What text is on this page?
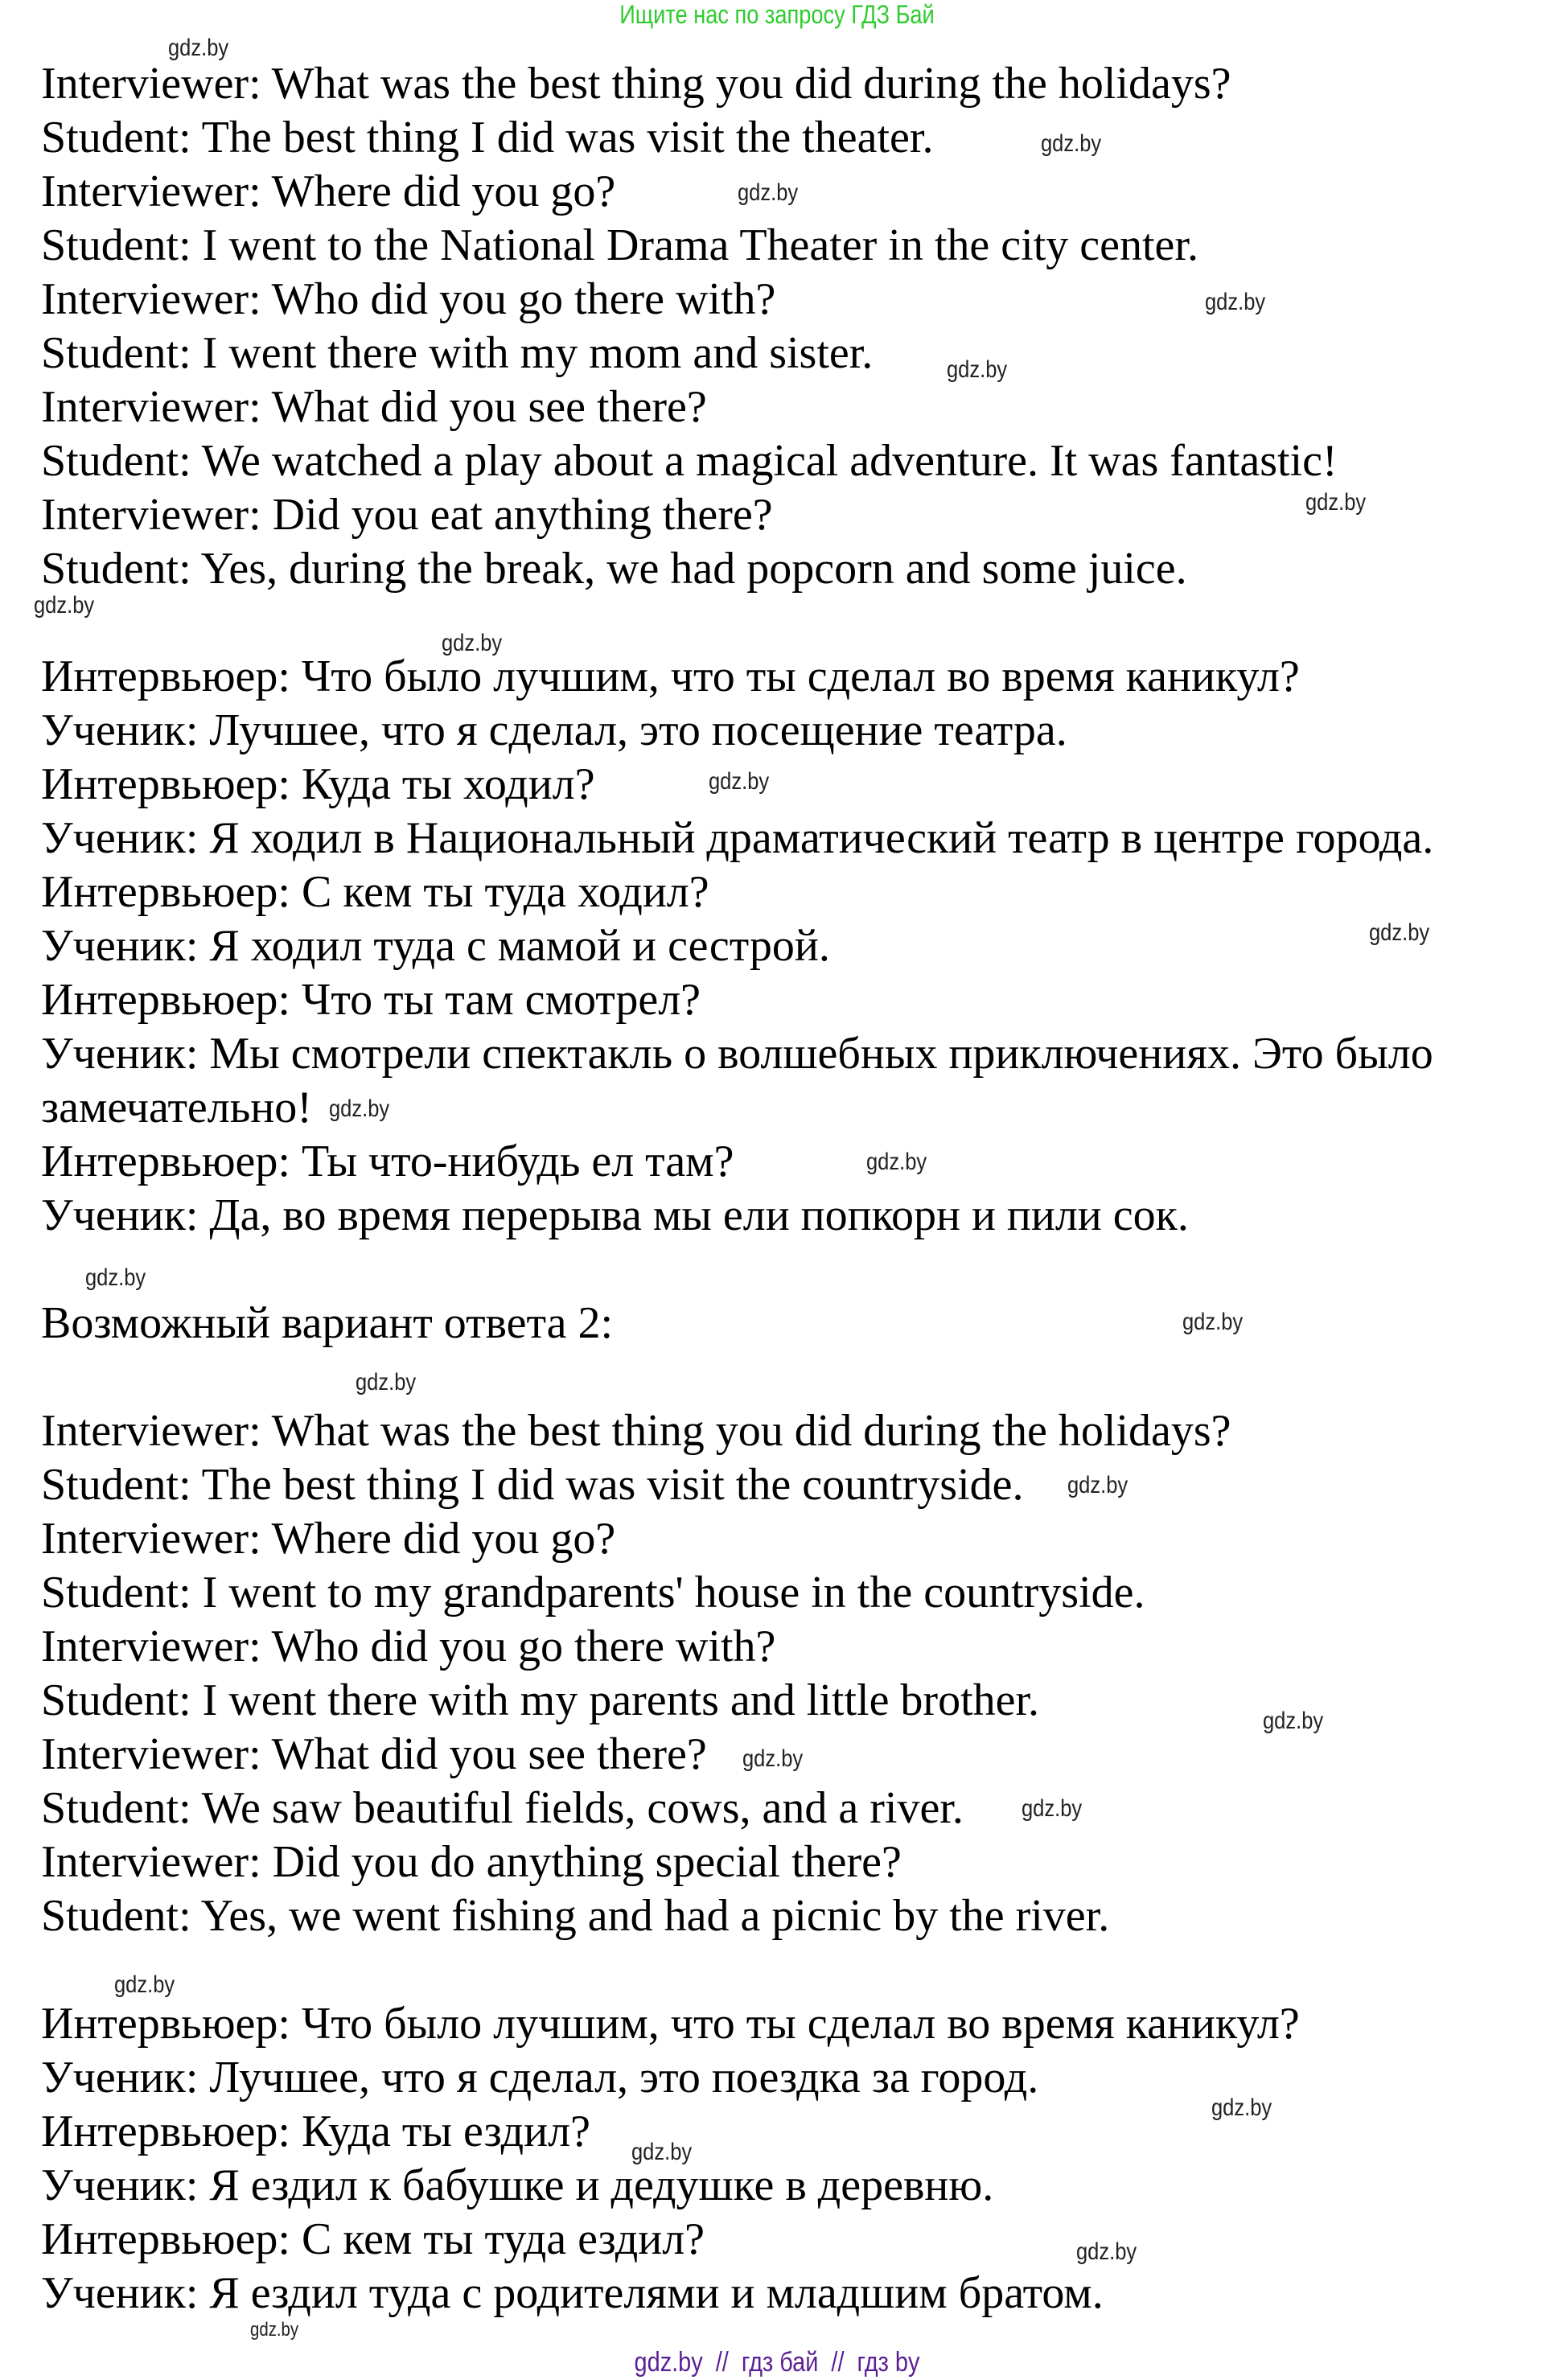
Ищите нас по запросу ГДЗ Бай
Interviewer: What was the best thing you did during the holidays?
Student: The best thing I did was visit the theater.
Interviewer: Where did you go?
Student: I went to the National Drama Theater in the city center.
Interviewer: Who did you go there with?
Student: I went there with my mom and sister.
Interviewer: What did you see there?
Student: We watched a play about a magical adventure. It was fantastic!
Interviewer: Did you eat anything there?
Student: Yes, during the break, we had popcorn and some juice.
Интервьюер: Что было лучшим, что ты сделал во время каникул?
Ученик: Лучшее, что я сделал, это посещение театра.
Интервьюер: Куда ты ходил?
Ученик: Я ходил в Национальный драматический театр в центре города.
Интервьюер: С кем ты туда ходил?
Ученик: Я ходил туда с мамой и сестрой.
Интервьюер: Что ты там смотрел?
Ученик: Мы смотрели спектакль о волшебных приключениях. Это было
замечательно!
Интервьюер: Ты что-нибудь ел там?
Ученик: Да, во время перерыва мы ели попкорн и пили сок.
Возможный вариант ответа 2:
Interviewer: What was the best thing you did during the holidays?
Student: The best thing I did was visit the countryside.
Interviewer: Where did you go?
Student: I went to my grandparents' house in the countryside.
Interviewer: Who did you go there with?
Student: I went there with my parents and little brother.
Interviewer: What did you see there?
Student: We saw beautiful fields, cows, and a river.
Interviewer: Did you do anything special there?
Student: Yes, we went fishing and had a picnic by the river.
Интервьюер: Что было лучшим, что ты сделал во время каникул?
Ученик: Лучшее, что я сделал, это поездка за город.
Интервьюер: Куда ты ездил?
Ученик: Я ездил к бабушке и дедушке в деревню.
Интервьюер: С кем ты туда ездил?
Ученик: Я ездил туда с родителями и младшим братом.
gdz.by
gdz.by
gdz.by
gdz.by
gdz.by
gdz.by
gdz.by
gdz.by
gdz.by
gdz.by
gdz.by
gdz.by
gdz.by
gdz.by
gdz.by
gdz.by
gdz.by
gdz.by
gdz.by
gdz.by
gdz.by
gdz.by
gdz.by
gdz.by
gdz.by  //  гдз бай  //  гдз by
